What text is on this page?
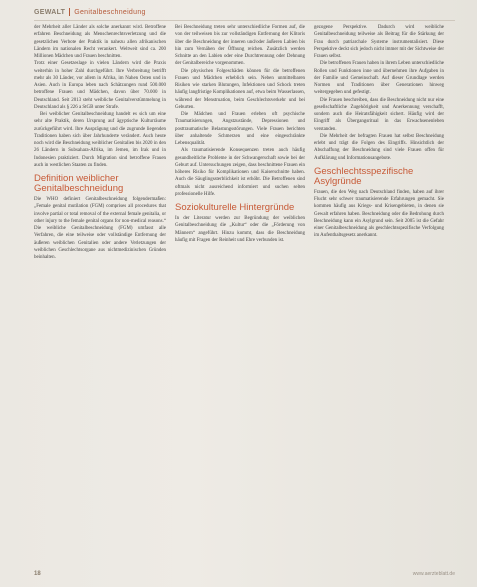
GEWALT Genitalbeschneidung

der Mehrheit aller Länder als solche anerkannt wird. Betroffene erfahren Beschneidung als Menschenrechtsverletzung und die gesetzlichen Verbote der Praktik in nahezu allen afrikanischen Ländern im nationalen Recht verankert. Weltweit sind ca. 200 Millionen Mädchen und Frauen beschnitten.

Trotz einer Gesetzeslage in vielen Ländern wird die Praxis weiterhin in hoher Zahl durchgeführt. Ihre Verbreitung betrifft mehr als 30 Länder, vor allem in Afrika, im Nahen Osten und in Asien. Auch in Europa leben nach Schätzungen rund 500.000 betroffene Frauen und Mädchen, davon über 70.000 in Deutschland. Seit 2013 steht weibliche Genitalverstümmelung in Deutschland als § 226 a StGB unter Strafe.

Bei weiblicher Genitalbeschneidung handelt es sich um eine sehr alte Praktik, deren Ursprung auf ägyptische Kulturräume zurückgeführt wird. Ihre Ausprägung und die zugrunde liegenden Traditionen haben sich über Jahrhunderte verändert. Auch heute noch wird die Beschneidung weiblicher Genitalien bis 2020 in den 26 Ländern in Subsahara-Afrika, im Jemen, im Irak und in Indonesien praktiziert. Durch Migration sind betroffene Frauen auch in westlichen Staaten zu finden.

Definition weiblicher Genitalbeschneidung

Die WHO definiert Genitalbeschneidung folgendermaßen: „Female genital mutilation (FGM) comprises all procedures that involve partial or total removal of the external female genitalia, or other injury to the female genital organs for non-medical reasons.“ Die weibliche Genitalbeschneidung (FGM) umfasst alle Verfahren, die eine teilweise oder vollständige Entfernung der äußeren weiblichen Genitalien oder andere Verletzungen der weiblichen Geschlechtsorgane aus nichtmedizinischen Gründen beinhalten.

Bei Beschneidung treten sehr unterschiedliche Formen auf, die von der teilweisen bis zur vollständigen Entfernung der Klitoris über die Beschneidung der inneren und/oder äußeren Labien bis hin zum Vernähen der Öffnung reichen. Zusätzlich werden Schnitte an den Labien oder eine Durchtrennung oder Dehnung der Genitalbereiche vorgenommen.

Die physischen Folgeschäden können für die betroffenen Frauen und Mädchen erheblich sein. Neben unmittelbaren Risiken wie starken Blutungen, Infektionen und Schock treten häufig langfristige Komplikationen auf, etwa beim Wasserlassen, während der Menstruation, beim Geschlechtsverkehr und bei Geburten.

Die Mädchen und Frauen erleben oft psychische Traumatisierungen, Angstzustände, Depressionen und posttraumatische Belastungsstörungen. Viele Frauen berichten über anhaltende Schmerzen und eine eingeschränkte Lebensqualität.

Als traumatisierende Konsequenzen treten auch häufig gesundheitliche Probleme in der Schwangerschaft sowie bei der Geburt auf. Untersuchungen zeigen, dass beschnittene Frauen ein höheres Risiko für Komplikationen und Kaiserschnitte haben. Auch die Säuglingssterblichkeit ist erhöht. Die Betroffenen sind oftmals nicht ausreichend informiert und suchen selten professionelle Hilfe.

Soziokulturelle Hintergründe

In der Literatur werden zur Begründung der weiblichen Genitalbeschneidung die „Kultur“ oder die „Förderung von Männern“ angeführt. Hinzu kommt, dass die Beschneidung häufig mit Fragen der Reinheit und Ehre verbunden ist.

gezogene Perspektive. Dadurch wird weibliche Genitalbeschneidung teilweise als Beitrag für die Stärkung der Frau durch patriarchale Systeme instrumentalisiert. Diese Perspektive deckt sich jedoch nicht immer mit der Sichtweise der Frauen selbst.

Die betroffenen Frauen haben in ihrem Leben unterschiedliche Rollen und Funktionen inne und übernehmen ihre Aufgaben in der Familie und Gemeinschaft. Auf dieser Grundlage werden Normen und Traditionen über Generationen hinweg weitergegeben und gefestigt.

Die Frauen beschreiben, dass die Beschneidung nicht nur eine gesellschaftliche Zugehörigkeit und Anerkennung verschafft, sondern auch die Heiratsfähigkeit sichert. Häufig wird der Eingriff als Übergangsritual in das Erwachsenenleben verstanden.

Die Mehrheit der befragten Frauen hat selbst Beschneidung erlebt und trägt die Folgen des Eingriffs. Hinsichtlich der Abschaffung der Beschneidung sind viele Frauen offen für Aufklärung und Informationsangebote.

Geschlechtsspezifische Asylgründe

Frauen, die den Weg nach Deutschland finden, haben auf ihrer Flucht sehr schwer traumatisierende Erfahrungen gemacht. Sie kommen häufig aus Kriegs- und Krisengebieten, in denen sie Gewalt erfahren haben. Beschneidung oder die Bedrohung durch Beschneidung kann ein Asylgrund sein. Seit 2005 ist die Gefahr einer Genitalbeschneidung als geschlechtsspezifische Verfolgung im Aufenthaltsgesetz anerkannt.

18	www.aerzteblatt.de
